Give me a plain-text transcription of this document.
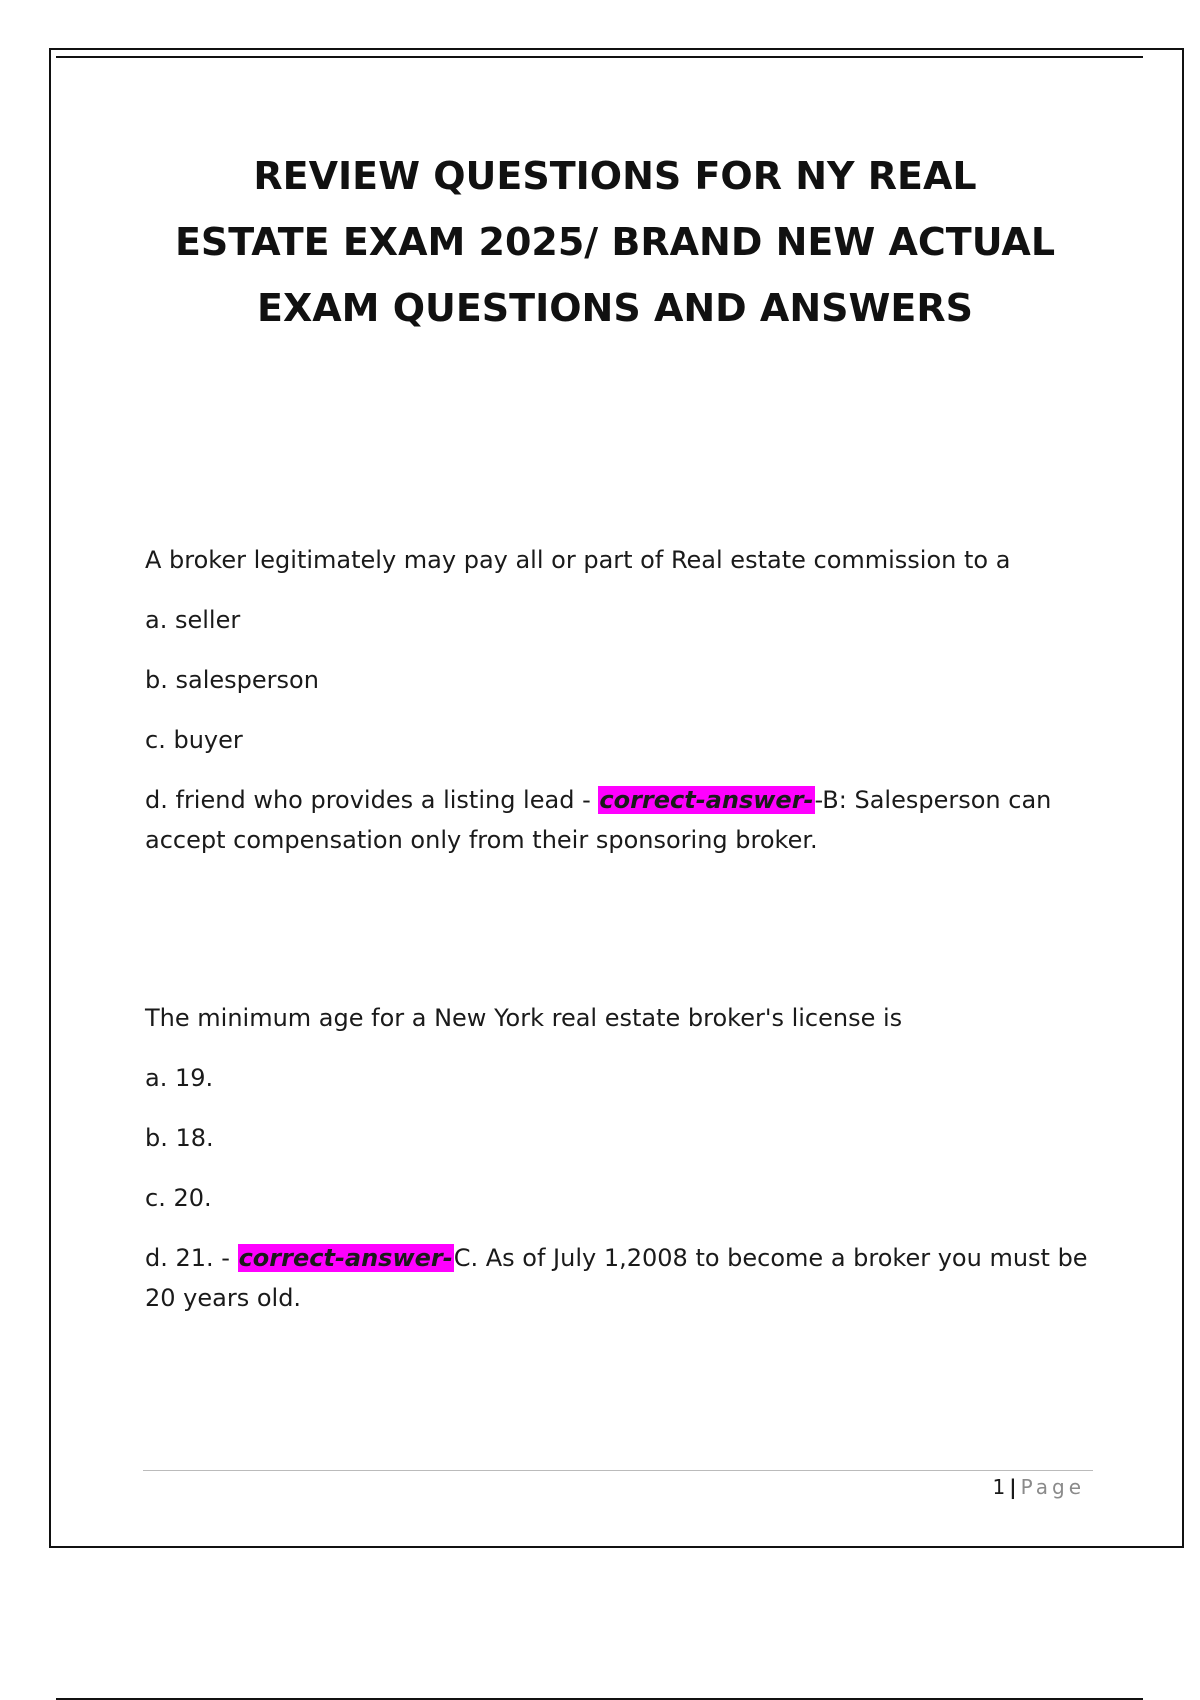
REVIEW QUESTIONS FOR NY REAL
ESTATE EXAM 2025/ BRAND NEW ACTUAL
EXAM QUESTIONS AND ANSWERS

A broker legitimately may pay all or part of Real estate commission to a

a. seller

b. salesperson

c. buyer

d. friend who provides a listing lead - correct-answer--B: Salesperson can accept compensation only from their sponsoring broker.

The minimum age for a New York real estate broker's license is

a. 19.

b. 18.

c. 20.

d. 21. - correct-answer-C. As of July 1,2008 to become a broker you must be 20 years old.

1 | Page
